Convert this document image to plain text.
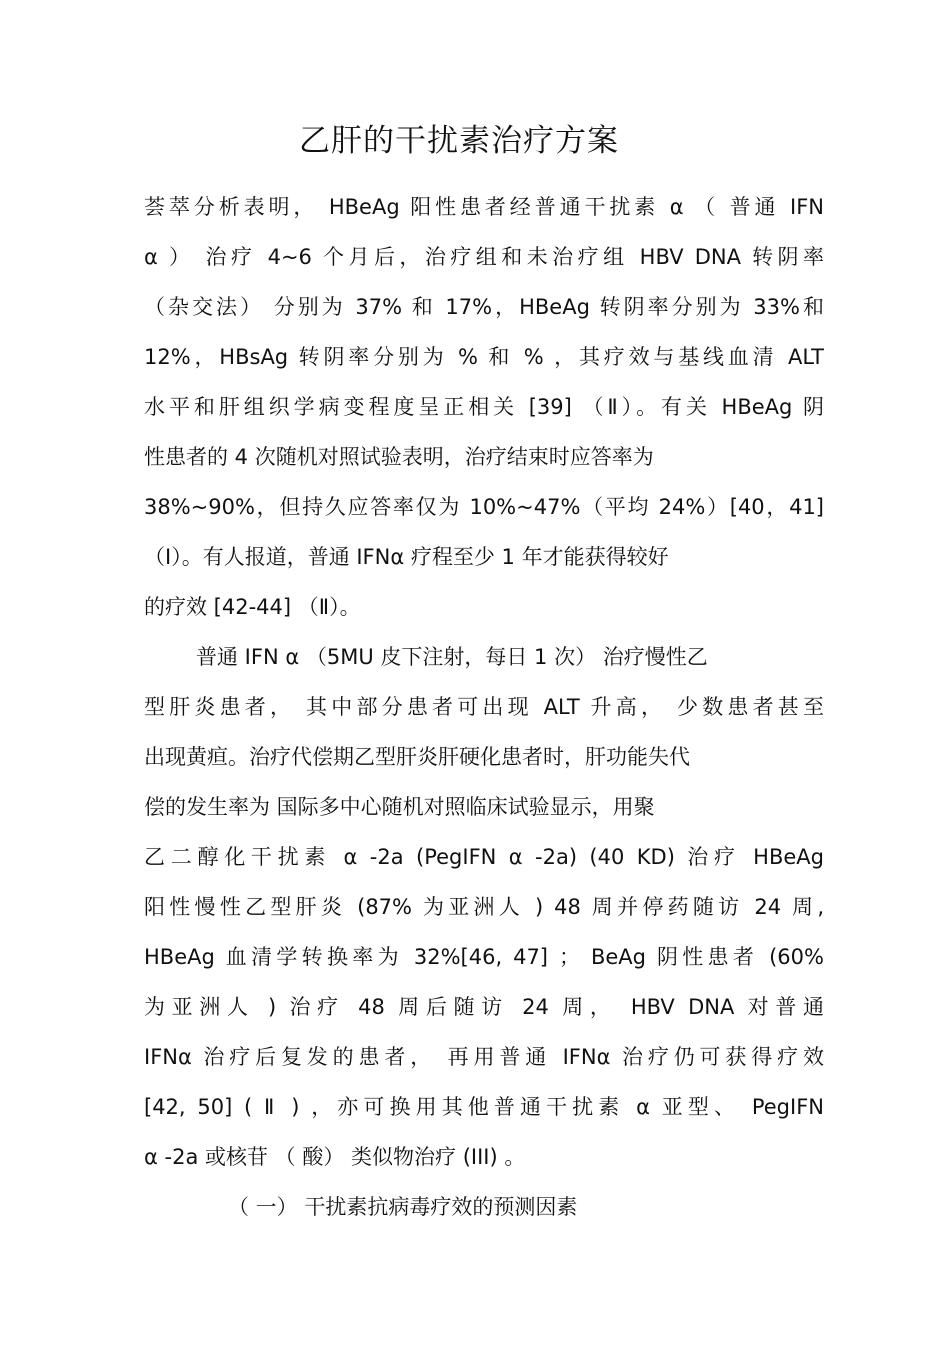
乙肝的干扰素治疗方案
荟萃分析表明， HBeAg 阳性患者经普通干扰素 α （ 普通 IFN
α ） 治疗 4~6 个月后，治疗组和未治疗组 HBV DNA 转阴率
（杂交法） 分别为 37% 和 17%，HBeAg 转阴率分别为 33%和
12%，HBsAg 转阴率分别为 % 和 % ，其疗效与基线血清 ALT
水平和肝组织学病变程度呈正相关 [39] （Ⅱ）。有关 HBeAg 阴
性患者的 4 次随机对照试验表明，治疗结束时应答率为
38%~90%，但持久应答率仅为 10%~47%（平均 24%）[40，41]
（Ⅰ）。有人报道，普通 IFNα 疗程至少 1 年才能获得较好
的疗效 [42-44] （Ⅱ）。
普通 IFN α （5MU 皮下注射，每日 1 次） 治疗慢性乙
型肝炎患者， 其中部分患者可出现 ALT 升高， 少数患者甚至
出现黄疸。治疗代偿期乙型肝炎肝硬化患者时，肝功能失代
偿的发生率为 国际多中心随机对照临床试验显示，用聚
乙二醇化干扰素 α -2a (PegIFN α -2a) (40 KD) 治疗 HBeAg
阳性慢性乙型肝炎 (87% 为亚洲人 ) 48 周并停药随访 24 周,
HBeAg 血清学转换率为 32%[46, 47] ； BeAg 阴性患者 (60%
为亚洲人 ) 治疗 48 周后随访 24 周， HBV DNA 对普通
IFNα 治疗后复发的患者， 再用普通 IFNα 治疗仍可获得疗效
[42, 50] ( Ⅱ ) ，亦可换用其他普通干扰素 α 亚型、 PegIFN
α -2a 或核苷 （ 酸） 类似物治疗 (III) 。
（ 一） 干扰素抗病毒疗效的预测因素
